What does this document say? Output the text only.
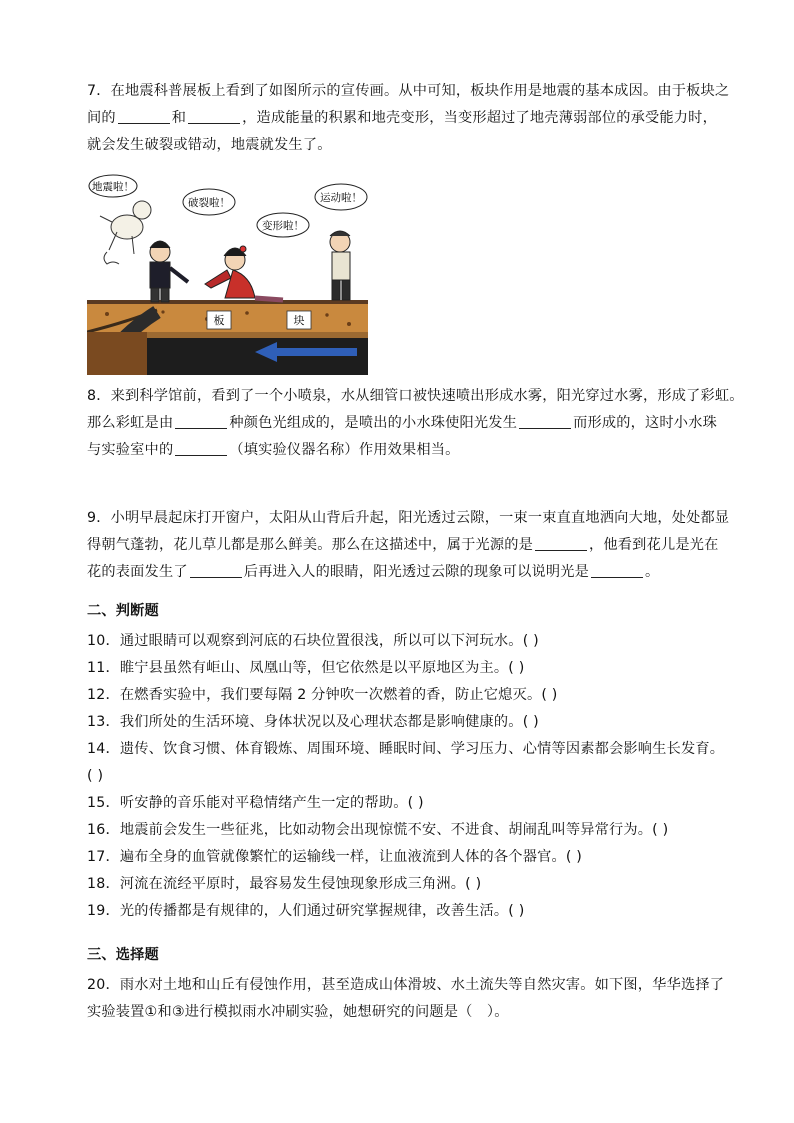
7．在地震科普展板上看到了如图所示的宣传画。从中可知，板块作用是地震的基本成因。由于板块之
间的	和	，造成能量的积累和地壳变形，当变形超过了地壳薄弱部位的承受能力时，
就会发生破裂或错动，地震就发生了。
地震啦！
破裂啦！
变形啦！
运动啦！
板	块
8．来到科学馆前，看到了一个小喷泉，水从细管口被快速喷出形成水雾，阳光穿过水雾，形成了彩虹。
那么彩虹是由	种颜色光组成的，是喷出的小水珠使阳光发生	而形成的，这时小水珠
与实验室中的	（填实验仪器名称）作用效果相当。
9．小明早晨起床打开窗户，太阳从山背后升起，阳光透过云隙，一束一束直直地洒向大地，处处都显
得朝气蓬勃，花儿草儿都是那么鲜美。那么在这描述中，属于光源的是	，他看到花儿是光在
花的表面发生了	后再进入人的眼睛，阳光透过云隙的现象可以说明光是	。
二、判断题
10．通过眼睛可以观察到河底的石块位置很浅，所以可以下河玩水。( )
11．睢宁县虽然有岠山、凤凰山等，但它依然是以平原地区为主。( )
12．在燃香实验中，我们要每隔 2 分钟吹一次燃着的香，防止它熄灭。( )
13．我们所处的生活环境、身体状况以及心理状态都是影响健康的。( )
14．遗传、饮食习惯、体育锻炼、周围环境、睡眠时间、学习压力、心情等因素都会影响生长发育。
( )
15．听安静的音乐能对平稳情绪产生一定的帮助。( )
16．地震前会发生一些征兆，比如动物会出现惊慌不安、不进食、胡闹乱叫等异常行为。( )
17．遍布全身的血管就像繁忙的运输线一样，让血液流到人体的各个器官。( )
18．河流在流经平原时，最容易发生侵蚀现象形成三角洲。( )
19．光的传播都是有规律的，人们通过研究掌握规律，改善生活。( )
三、选择题
20．雨水对土地和山丘有侵蚀作用，甚至造成山体滑坡、水土流失等自然灾害。如下图，华华选择了
实验装置①和③进行模拟雨水冲刷实验，她想研究的问题是（　）。
